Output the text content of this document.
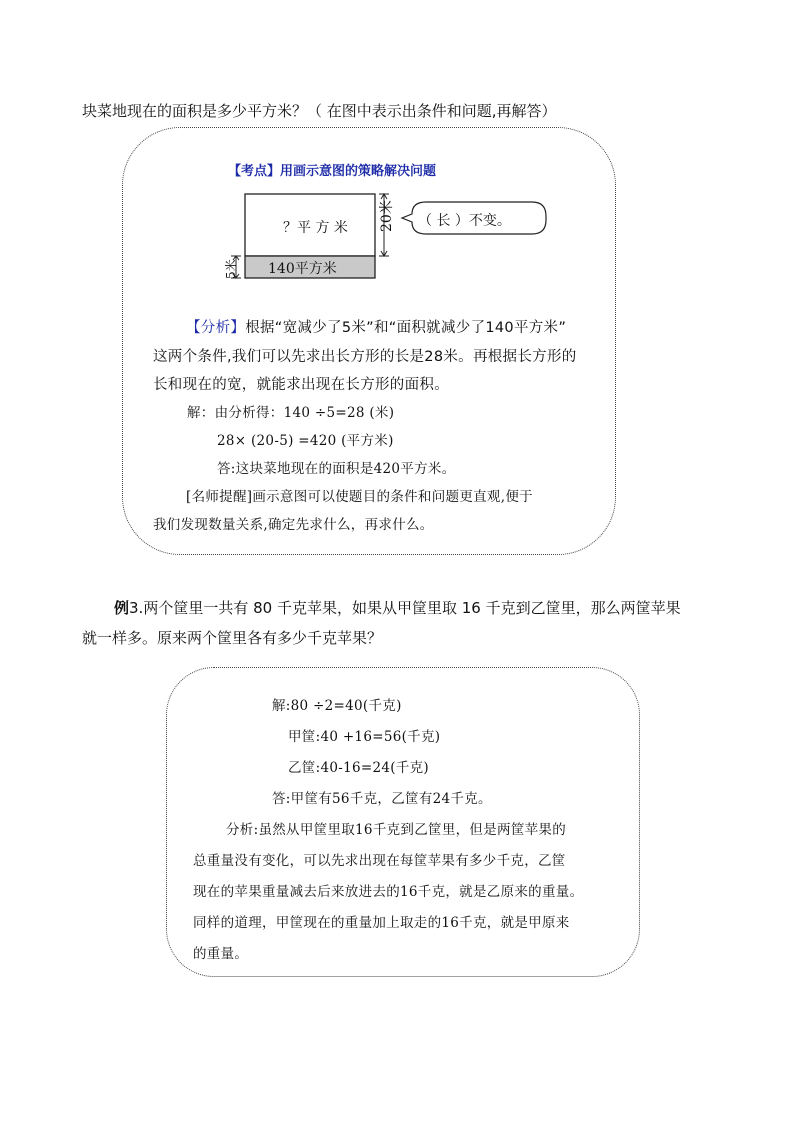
块菜地现在的面积是多少平方米？（ 在图中表示出条件和问题,再解答）
【考点】用画示意图的策略解决问题
？平 方 米
140平方米
20米
5米
（ 长 ）不变。
【分析】根据“宽减少了5米”和“面积就减少了140平方米”
这两个条件,我们可以先求出长方形的长是28米。再根据长方形的
长和现在的宽，就能求出现在长方形的面积。
解：由分析得：140 ÷5=28 (米)
28× (20-5) =420 (平方米)
答:这块菜地现在的面积是420平方米。
[名师提醒]画示意图可以使题目的条件和问题更直观,便于
我们发现数量关系,确定先求什么，再求什么。
例3.两个筐里一共有 80 千克苹果，如果从甲筐里取 16 千克到乙筐里，那么两筐苹果
就一样多。原来两个筐里各有多少千克苹果？
解:80 ÷2=40(千克)
甲筐:40 +16=56(千克)
乙筐:40-16=24(千克)
答:甲筐有56千克，乙筐有24千克。
分析:虽然从甲筐里取16千克到乙筐里，但是两筐苹果的
总重量没有变化，可以先求出现在每筐苹果有多少千克，乙筐
现在的苹果重量减去后来放进去的16千克，就是乙原来的重量。
同样的道理，甲筐现在的重量加上取走的16千克，就是甲原来
的重量。
